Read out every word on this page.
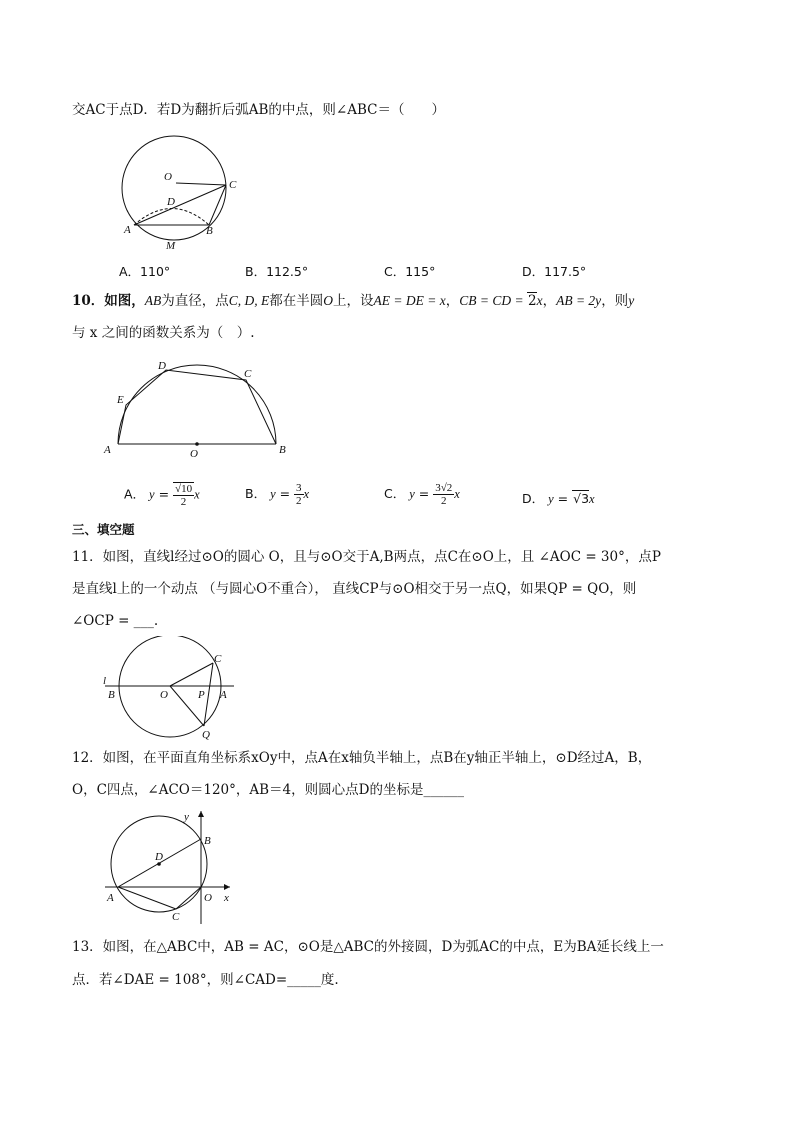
交AC于点D．若D为翻折后弧AB的中点，则∠ABC＝（　　）
O
C
D
A	B
M
A．110°	B．112.5°	C．115°	D．117.5°
10．如图，AB为直径，点C, D, E都在半圆O上，设AE = DE = x，CB = CD = 2x，AB = 2y，则y
与 x 之间的函数关系为（　）.
A	B
C
D
E
O
A． $y = \frac{√10}{2}$ x	B． $y = \frac{3}{2}$ x	C． $y = \frac{3√2}{2}$ x	D． y = √3x
三、填空题
11．如图，直线l经过⊙O的圆心 O，且与⊙O交于A,B两点，点C在⊙O上，且 ∠AOC = 30°，点P
是直线l上的一个动点 （与圆心O不重合）， 直线CP与⊙O相交于另一点Q，如果QP = QO，则
∠OCP = ___.
l
B	O	P A
C
Q
12．如图，在平面直角坐标系xOy中，点A在x轴负半轴上，点B在y轴正半轴上，⊙D经过A，B，
O，C四点，∠ACO＝120°，AB＝4，则圆心点D的坐标是______
y
B
D
A	O x
C
13．如图，在△ABC中，AB = AC，⊙O是△ABC的外接圆，D为弧AC的中点，E为BA延长线上一
点．若∠DAE = 108°，则∠CAD=_____度.
